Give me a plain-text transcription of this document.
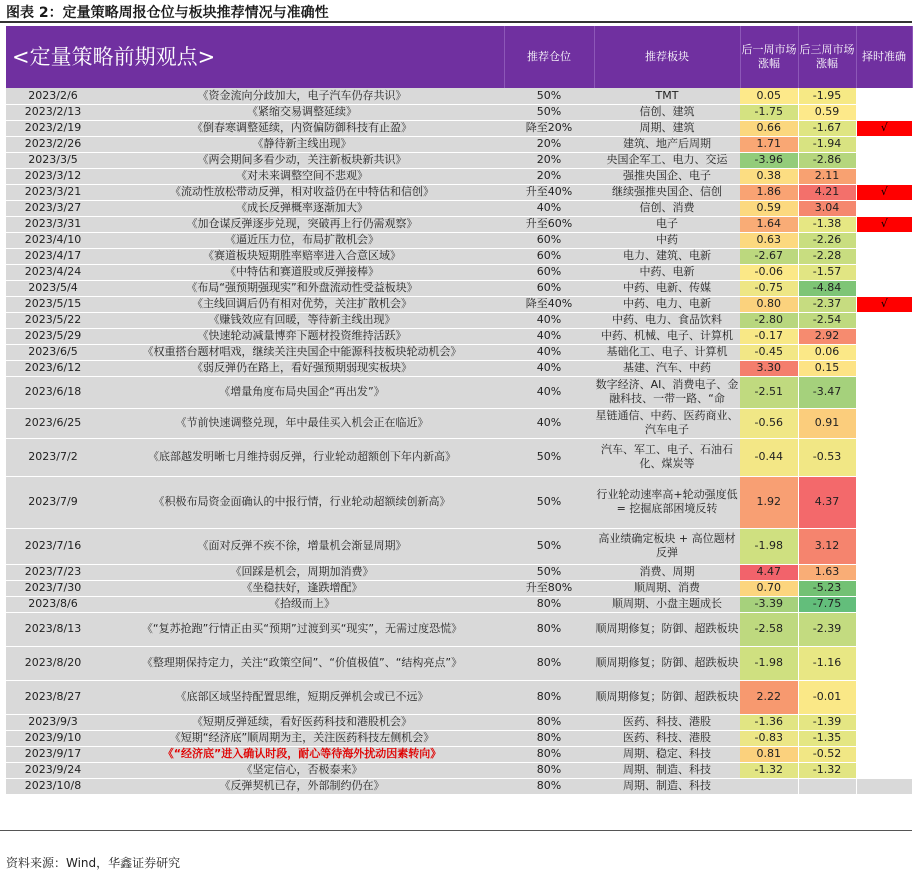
图表 2：定量策略周报仓位与板块推荐情况与准确性
<定量策略前期观点>		推荐仓位	推荐板块	后一周市场涨幅	后三周市场涨幅	择时准确
2023/2/6	《资金流向分歧加大，电子汽车仍存共识》	50%	TMT	0.05	-1.95	
2023/2/13	《紧缩交易调整延续》	50%	信创、建筑	-1.75	0.59	
2023/2/19	《倒春寒调整延续，内资偏防御科技有止盈》	降至20%	周期、建筑	0.66	-1.67	√
2023/2/26	《静待新主线出现》	20%	建筑、地产后周期	1.71	-1.94	
2023/3/5	《两会期间多看少动，关注新板块新共识》	20%	央国企军工、电力、交运	-3.96	-2.86	
2023/3/12	《对未来调整空间不悲观》	20%	强推央国企、电子	0.38	2.11	
2023/3/21	《流动性放松带动反弹，相对收益仍在中特估和信创》	升至40%	继续强推央国企、信创	1.86	4.21	√
2023/3/27	《成长反弹概率逐渐加大》	40%	信创、消费	0.59	3.04	
2023/3/31	《加仓谋反弹逐步兑现，突破再上行仍需观察》	升至60%	电子	1.64	-1.38	√
2023/4/10	《逼近压力位，布局扩散机会》	60%	中药	0.63	-2.26	
2023/4/17	《赛道板块短期胜率赔率进入合意区域》	60%	电力、建筑、电新	-2.67	-2.28	
2023/4/24	《中特估和赛道股或反弹接棒》	60%	中药、电新	-0.06	-1.57	
2023/5/4	《布局“强预期强现实”和外盘流动性受益板块》	60%	中药、电新、传媒	-0.75	-4.84	
2023/5/15	《主线回调后仍有相对优势，关注扩散机会》	降至40%	中药、电力、电新	0.80	-2.37	√
2023/5/22	《赚钱效应有回暖，等待新主线出现》	40%	中药、电力、食品饮料	-2.80	-2.54	
2023/5/29	《快速轮动减量博弈下题材投资维持活跃》	40%	中药、机械、电子、计算机	-0.17	2.92	
2023/6/5	《权重搭台题材唱戏，继续关注央国企中能源科技板块轮动机会》	40%	基础化工、电子、计算机	-0.45	0.06	
2023/6/12	《弱反弹仍在路上，看好强预期弱现实板块》	40%	基建、汽车、中药	3.30	0.15	
2023/6/18	《增量角度布局央国企“再出发”》	40%	数字经济、AI、消费电子、金融科技、一带一路、“命	-2.51	-3.47	
2023/6/25	《节前快速调整兑现，年中最佳买入机会正在临近》	40%	星链通信、中药、医药商业、汽车电子	-0.56	0.91	
2023/7/2	《底部越发明晰七月维持弱反弹，行业轮动超额创下年内新高》	50%	汽车、军工、电子、石油石化、煤炭等	-0.44	-0.53	
2023/7/9	《积极布局资金面确认的中报行情，行业轮动超额续创新高》	50%	行业轮动速率高+轮动强度低 = 挖掘底部困境反转	1.92	4.37	
2023/7/16	《面对反弹不疾不徐，增量机会渐显周期》	50%	高业绩确定板块 + 高位题材反弹	-1.98	3.12	
2023/7/23	《回踩是机会，周期加消费》	50%	消费、周期	4.47	1.63	
2023/7/30	《坐稳扶好，逢跌增配》	升至80%	顺周期、消费	0.70	-5.23	
2023/8/6	《拾级而上》	80%	顺周期、小盘主题成长	-3.39	-7.75	
2023/8/13	《“复苏抢跑”行情正由买“预期”过渡到买“现实”，无需过度恐慌》	80%	顺周期修复；防御、超跌板块	-2.58	-2.39	
2023/8/20	《整理期保持定力，关注“政策空间”、“价值极值”、“结构亮点”》	80%	顺周期修复；防御、超跌板块	-1.98	-1.16	
2023/8/27	《底部区域坚持配置思维，短期反弹机会或已不远》	80%	顺周期修复；防御、超跌板块	2.22	-0.01	
2023/9/3	《短期反弹延续，看好医药科技和港股机会》	80%	医药、科技、港股	-1.36	-1.39	
2023/9/10	《短期“经济底”顺周期为主，关注医药科技左侧机会》	80%	医药、科技、港股	-0.83	-1.35	
2023/9/17	《“经济底”进入确认时段，耐心等待海外扰动因素转向》	80%	周期、稳定、科技	0.81	-0.52	
2023/9/24	《坚定信心，否极泰来》	80%	周期、制造、科技	-1.32	-1.32	
2023/10/8	《反弹契机已存，外部制约仍在》	80%	周期、制造、科技			
资料来源：Wind，华鑫证券研究
